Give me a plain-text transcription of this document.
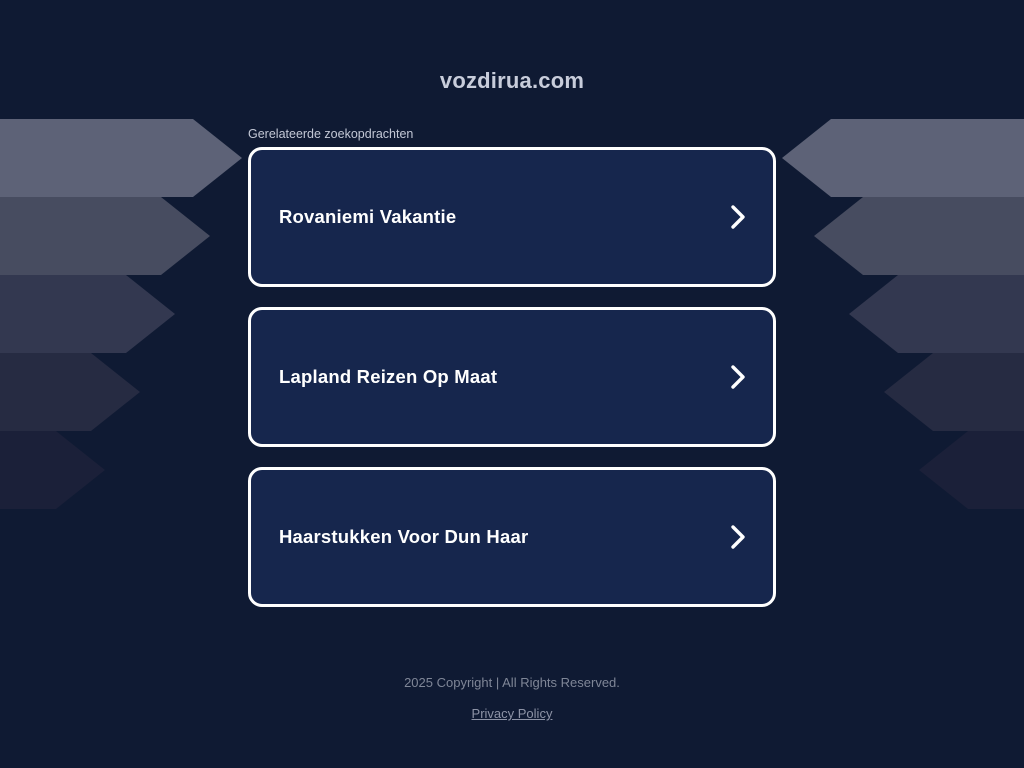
vozdirua.com
Gerelateerde zoekopdrachten
Rovaniemi Vakantie
Lapland Reizen Op Maat
Haarstukken Voor Dun Haar
2025 Copyright | All Rights Reserved.
Privacy Policy
